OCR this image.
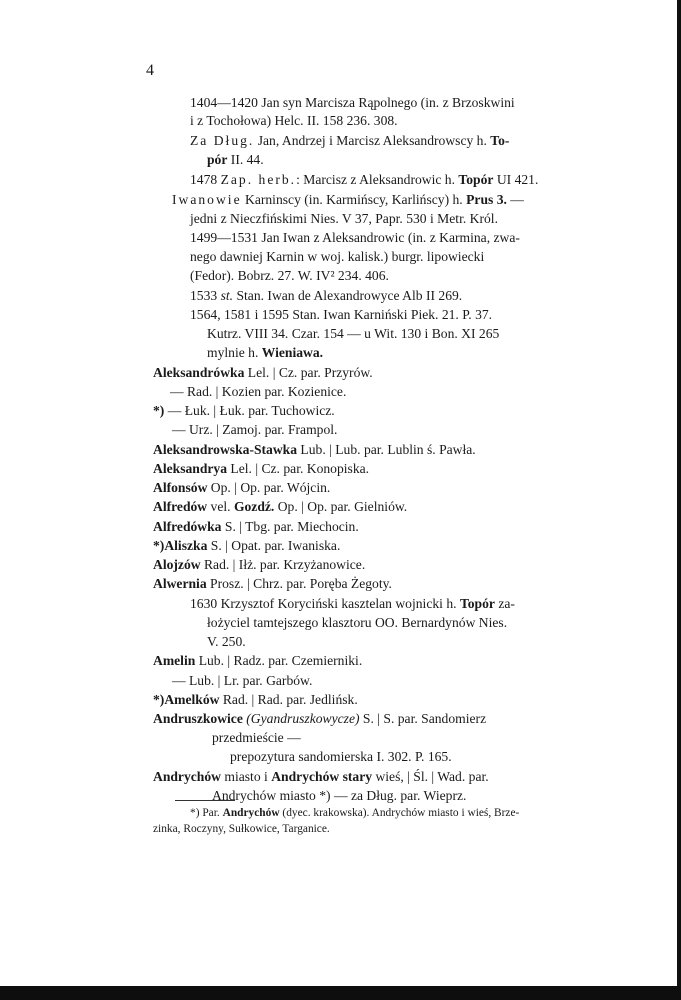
4
1404—1420 Jan syn Marcisza Rąpolnego (in. z Brzoskwini
i z Tochołowa) Helc. II. 158 236. 308.
Za Dług. Jan, Andrzej i Marcisz Aleksandrowscy h. To-
pór II. 44.
1478 Zap. herb.: Marcisz z Aleksandrowic h. Topór UI 421.
Iwanowie Karninscy (in. Karmińscy, Karlińscy) h. Prus 3. —
jedni z Nieczfińskimi Nies. V 37, Papr. 530 i Metr. Król.
1499—1531 Jan Iwan z Aleksandrowic (in. z Karmina, zwa-
nego dawniej Karnin w woj. kalisk.) burgr. lipowiecki
(Fedor). Bobrz. 27. W. IV² 234. 406.
1533 st. Stan. Iwan de Alexandrowyce Alb II 269.
1564, 1581 i 1595 Stan. Iwan Karniński Piek. 21. P. 37.
Kutrz. VIII 34. Czar. 154 — u Wit. 130 i Bon. XI 265
mylnie h. Wieniawa.
Aleksandrówka Lel. | Cz. par. Przyrów.
— Rad. | Kozien par. Kozienice.
*) — Łuk. | Łuk. par. Tuchowicz.
— Urz. | Zamoj. par. Frampol.
Aleksandrowska-Stawka Lub. | Lub. par. Lublin ś. Pawła.
Aleksandrya Lel. | Cz. par. Konopiska.
Alfonsów Op. | Op. par. Wójcin.
Alfredów vel. Gozdź. Op. | Op. par. Gielniów.
Alfredówka S. | Tbg. par. Miechocin.
*)Aliszka S. | Opat. par. Iwaniska.
Alojzów Rad. | Iłż. par. Krzyżanowice.
Alwernia Prosz. | Chrz. par. Poręba Żegoty.
1630 Krzysztof Koryciński kasztelan wojnicki h. Topór za-
łożyciel tamtejszego klasztoru OO. Bernardynów Nies.
V. 250.
Amelin Lub. | Radz. par. Czemierniki.
— Lub. | Lr. par. Garbów.
*)Amelków Rad. | Rad. par. Jedlińsk.
Andruszkowice (Gyandruszkowycze) S. | S. par. Sandomierz
przedmieście —
prepozytura sandomierska I. 302. P. 165.
Andrychów miasto i Andrychów stary wieś, | Śl. | Wad. par.
Andrychów miasto *) — za Dług. par. Wieprz.
*) Par. Andrychów (dyec. krakowska). Andrychów miasto i wieś, Brze-
zinka, Roczyny, Sułkowice, Targanice.
